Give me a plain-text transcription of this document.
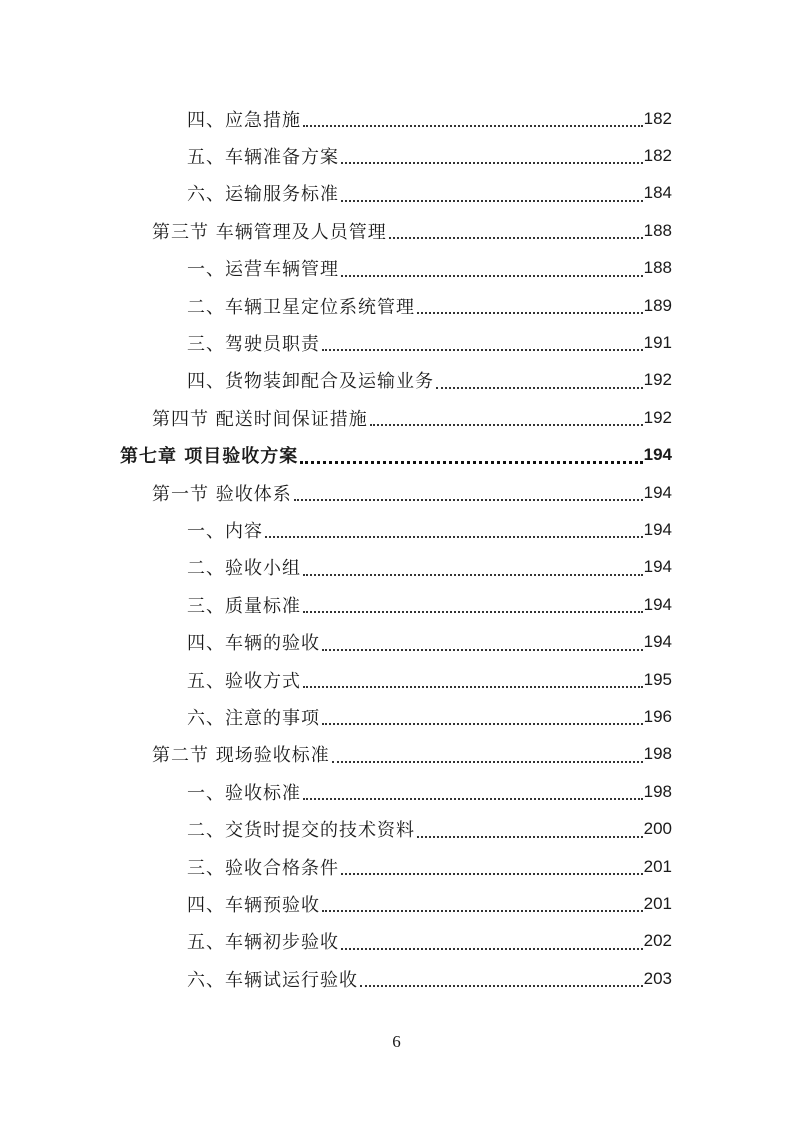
四、应急措施	182
五、车辆准备方案	182
六、运输服务标准	184
第三节 车辆管理及人员管理	188
一、运营车辆管理	188
二、车辆卫星定位系统管理	189
三、驾驶员职责	191
四、货物装卸配合及运输业务	192
第四节 配送时间保证措施	192
第七章 项目验收方案	194
第一节 验收体系	194
一、内容	194
二、验收小组	194
三、质量标准	194
四、车辆的验收	194
五、验收方式	195
六、注意的事项	196
第二节 现场验收标准	198
一、验收标准	198
二、交货时提交的技术资料	200
三、验收合格条件	201
四、车辆预验收	201
五、车辆初步验收	202
六、车辆试运行验收	203
6
